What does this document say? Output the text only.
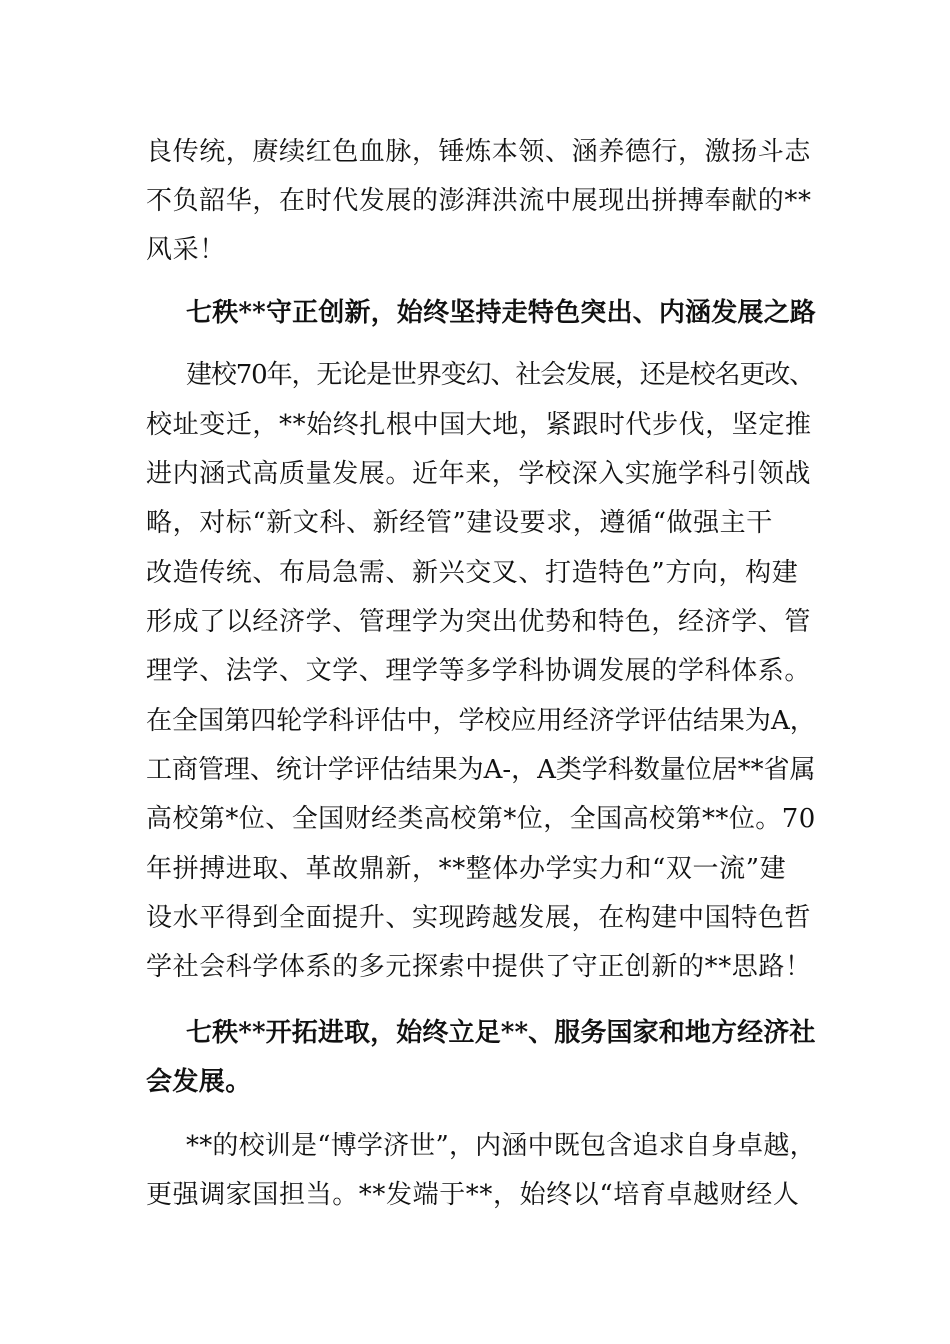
良传统，赓续红色血脉，锤炼本领、涵养德行，激扬斗志
不负韶华，在时代发展的澎湃洪流中展现出拼搏奉献的**
风采！
七秩**守正创新，始终坚持走特色突出、内涵发展之路
建校70年，无论是世界变幻、社会发展，还是校名更改、
校址变迁，**始终扎根中国大地，紧跟时代步伐，坚定推
进内涵式高质量发展。近年来，学校深入实施学科引领战
略，对标“新文科、新经管”建设要求，遵循“做强主干
改造传统、布局急需、新兴交叉、打造特色”方向，构建
形成了以经济学、管理学为突出优势和特色，经济学、管
理学、法学、文学、理学等多学科协调发展的学科体系。
在全国第四轮学科评估中，学校应用经济学评估结果为A，
工商管理、统计学评估结果为A-，A类学科数量位居**省属
高校第*位、全国财经类高校第*位，全国高校第**位。70
年拼搏进取、革故鼎新，**整体办学实力和“双一流”建
设水平得到全面提升、实现跨越发展，在构建中国特色哲
学社会科学体系的多元探索中提供了守正创新的**思路！
七秩**开拓进取，始终立足**、服务国家和地方经济社
会发展。
**的校训是“博学济世”，内涵中既包含追求自身卓越，
更强调家国担当。**发端于**，始终以“培育卓越财经人
